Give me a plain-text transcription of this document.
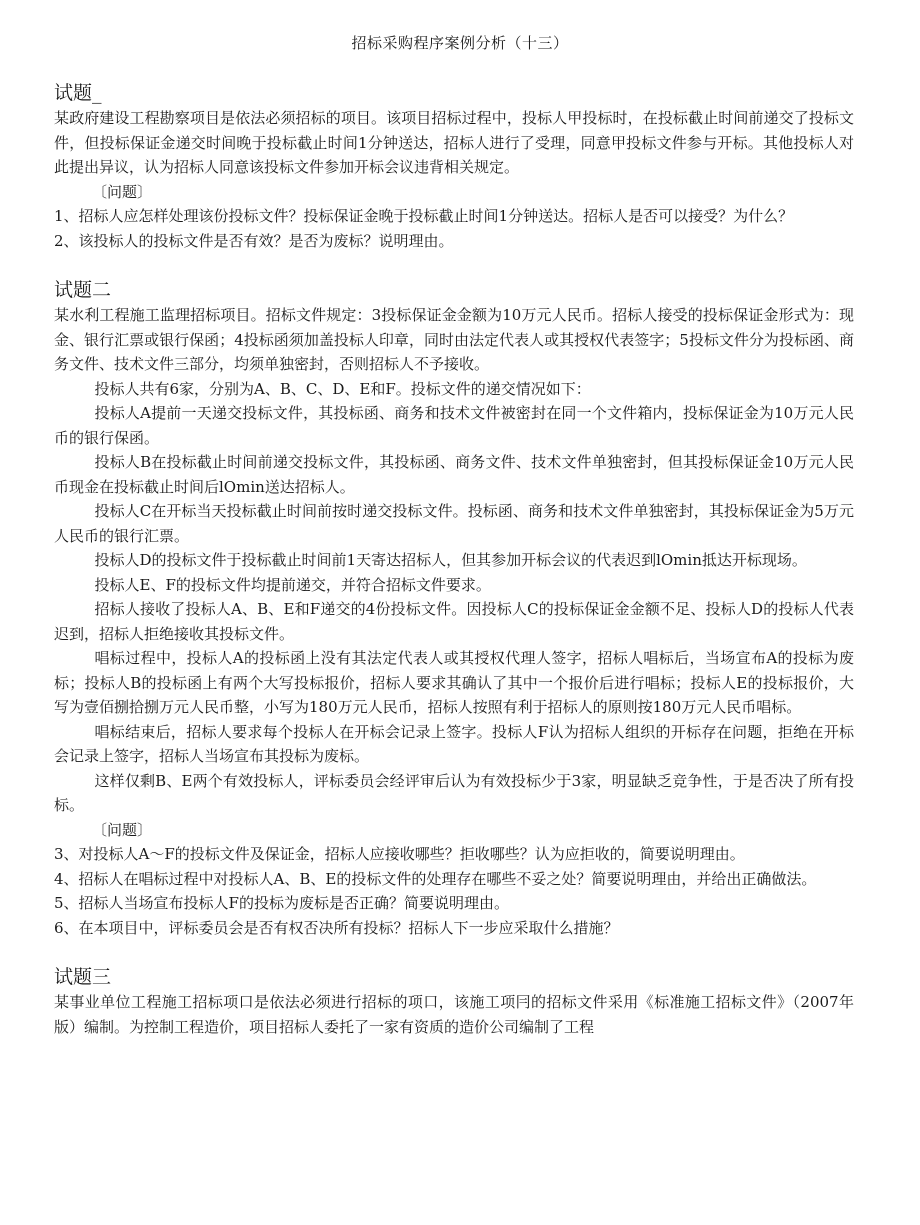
招标采购程序案例分析（十三）
试题_
某政府建设工程勘察项目是依法必须招标的项目。该项目招标过程中，投标人甲投标时，在投标截止时间前递交了投标文件，但投标保证金递交时间晚于投标截止时间1分钟送达，招标人进行了受理，同意甲投标文件参与开标。其他投标人对此提出异议，认为招标人同意该投标文件参加开标会议违背相关规定。
〔问题〕
1、招标人应怎样处理该份投标文件？投标保证金晚于投标截止时间1分钟送达。招标人是否可以接受？为什么？
2、该投标人的投标文件是否有效？是否为废标？说明理由。
试题二
某水利工程施工监理招标项目。招标文件规定：3投标保证金金额为10万元人民币。招标人接受的投标保证金形式为：现金、银行汇票或银行保函；4投标函须加盖投标人印章，同时由法定代表人或其授权代表签字；5投标文件分为投标函、商务文件、技术文件三部分，均须单独密封，否则招标人不予接收。
投标人共有6家，分别为A、B、C、D、E和F。投标文件的递交情况如下：
投标人A提前一天递交投标文件，其投标函、商务和技术文件被密封在同一个文件箱内，投标保证金为10万元人民币的银行保函。
投标人B在投标截止时间前递交投标文件，其投标函、商务文件、技术文件单独密封，但其投标保证金10万元人民币现金在投标截止时间后lOmin送达招标人。
投标人C在开标当天投标截止时间前按时递交投标文件。投标函、商务和技术文件单独密封，其投标保证金为5万元人民币的银行汇票。
投标人D的投标文件于投标截止时间前1天寄达招标人，但其参加开标会议的代表迟到lOmin抵达开标现场。
投标人E、F的投标文件均提前递交，并符合招标文件要求。
招标人接收了投标人A、B、E和F递交的4份投标文件。因投标人C的投标保证金金额不足、投标人D的投标人代表迟到，招标人拒绝接收其投标文件。
唱标过程中，投标人A的投标函上没有其法定代表人或其授权代理人签字，招标人唱标后，当场宣布A的投标为废标；投标人B的投标函上有两个大写投标报价，招标人要求其确认了其中一个报价后进行唱标；投标人E的投标报价，大写为壹佰捌拾捌万元人民币整，小写为180万元人民币，招标人按照有利于招标人的原则按180万元人民币唱标。
唱标结束后，招标人要求每个投标人在开标会记录上签字。投标人F认为招标人组织的开标存在问题，拒绝在开标会记录上签字，招标人当场宣布其投标为废标。
这样仅剩B、E两个有效投标人，评标委员会经评审后认为有效投标少于3家，明显缺乏竞争性，于是否决了所有投标。
〔问题〕
3、对投标人A～F的投标文件及保证金，招标人应接收哪些？拒收哪些？认为应拒收的，简要说明理由。
4、招标人在唱标过程中对投标人A、B、E的投标文件的处理存在哪些不妥之处？简要说明理由，并给出正确做法。
5、招标人当场宣布投标人F的投标为废标是否正确？简要说明理由。
6、在本项目中，评标委员会是否有权否决所有投标？招标人下一步应采取什么措施？
试题三
某事业单位工程施工招标项口是依法必须进行招标的项口，该施工项冃的招标文件采用《标准施工招标文件》（2007年版）编制。为控制工程造价，项目招标人委托了一家有资质的造价公司编制了工程
